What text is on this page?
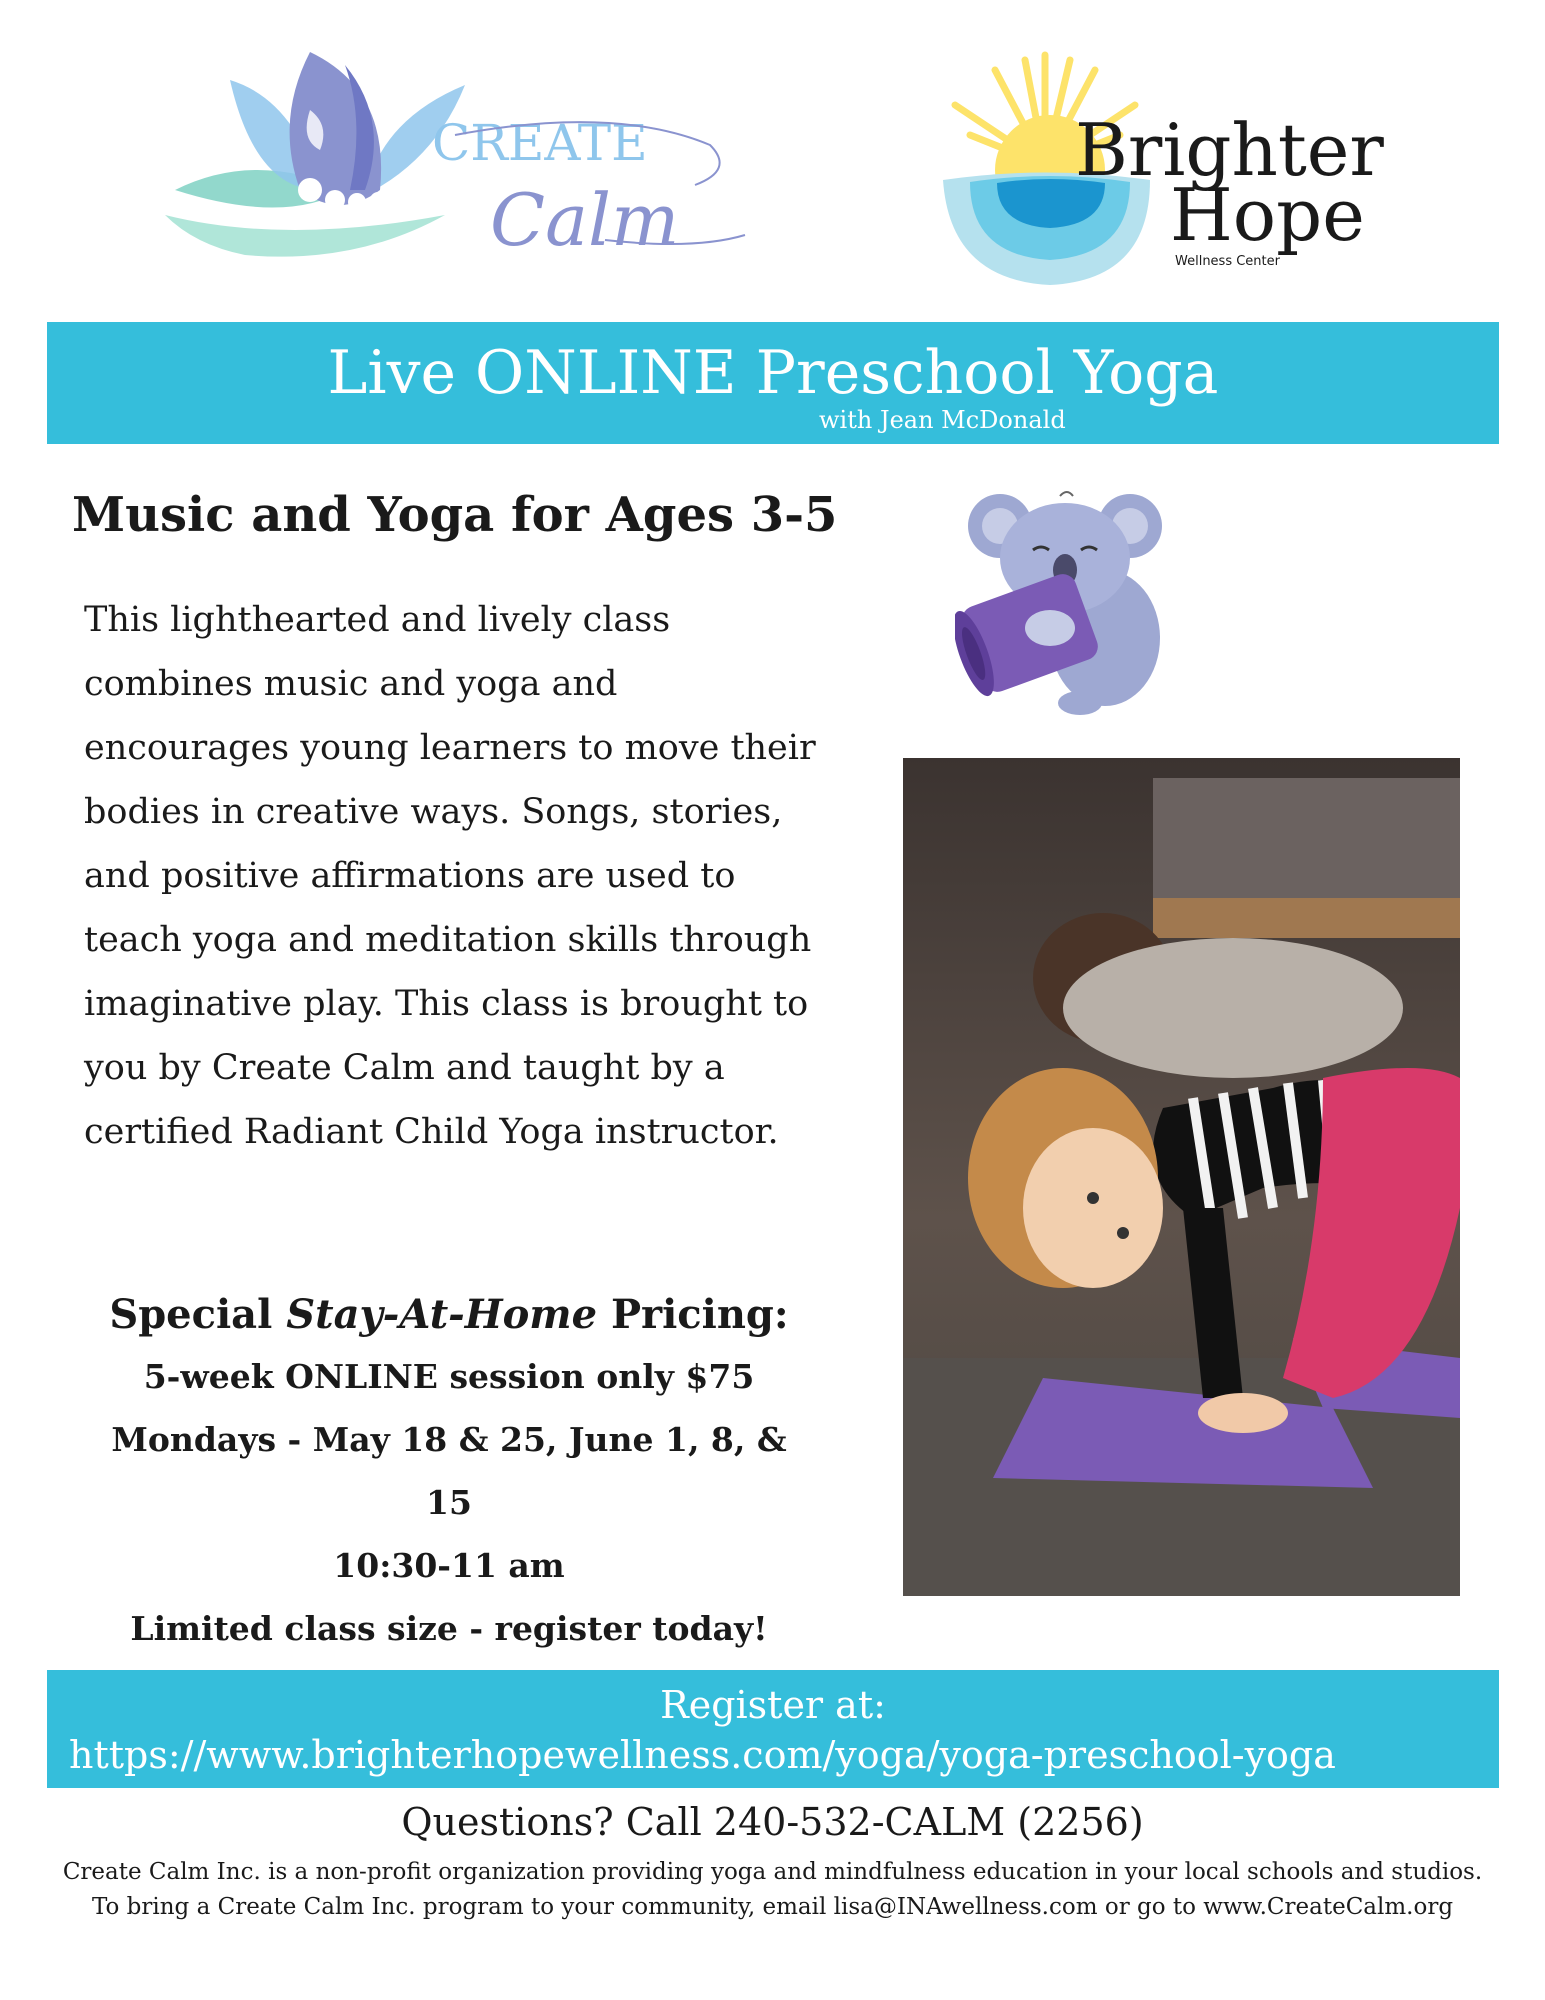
CREATE
Calm
Brighter
Hope
Wellness Center
Live ONLINE Preschool Yoga
with Jean McDonald
Music and Yoga for Ages 3-5
This lighthearted and lively class combines music and yoga and encourages young learners to move their bodies in creative ways. Songs, stories, and positive affirmations are used to teach yoga and meditation skills through imaginative play. This class is brought to you by Create Calm and taught by a certified Radiant Child Yoga instructor.
Special Stay-At-Home Pricing:
5-week ONLINE session only $75
Mondays - May 18 & 25, June 1, 8, & 15
10:30-11 am
Limited class size - register today!
Register at:
https://www.brighterhopewellness.com/yoga/yoga-preschool-yoga
Questions? Call 240-532-CALM (2256)
Create Calm Inc. is a non-profit organization providing yoga and mindfulness education in your local schools and studios. To bring a Create Calm Inc. program to your community, email lisa@INAwellness.com or go to www.CreateCalm.org
